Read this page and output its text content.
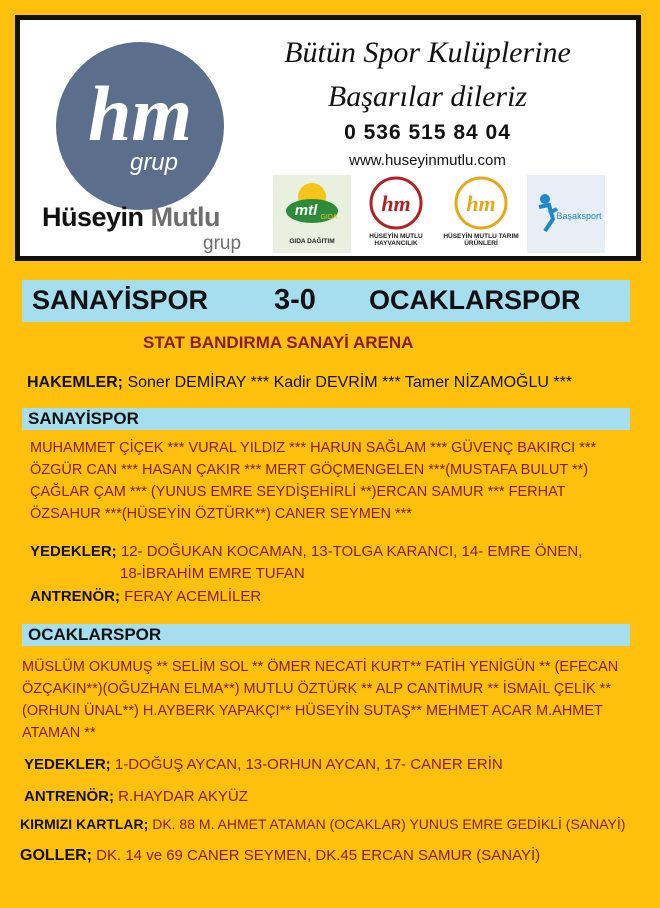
hm
grup
Hüseyin Mutlu
grup
Bütün Spor Kulüplerine
Başarılar dileriz
0 536 515 84 04
www.huseyinmutlu.com
mtl GIDA
GIDA DAĞITIM
hm
HÜSEYİN MUTLU HAYVANCILIK
hm
HÜSEYİN MUTLU TARIM ÜRÜNLERİ
Başaksport
SANAYİSPOR 3-0 OCAKLARSPOR
STAT BANDIRMA SANAYİ ARENA
HAKEMLER; Soner DEMİRAY *** Kadir DEVRİM *** Tamer NİZAMOĞLU ***
SANAYİSPOR
MUHAMMET ÇİÇEK *** VURAL YILDIZ *** HARUN SAĞLAM *** GÜVENÇ BAKIRCI ***
ÖZGÜR CAN *** HASAN ÇAKIR *** MERT GÖÇMENGELEN ***(MUSTAFA BULUT **)
ÇAĞLAR ÇAM *** (YUNUS EMRE SEYDİŞEHİRLİ **)ERCAN SAMUR *** FERHAT
ÖZSAHUR ***(HÜSEYİN ÖZTÜRK**) CANER SEYMEN ***
YEDEKLER; 12- DOĞUKAN KOCAMAN, 13-TOLGA KARANCI, 14- EMRE ÖNEN,
18-İBRAHİM EMRE TUFAN
ANTRENÖR; FERAY ACEMLİLER
OCAKLARSPOR
MÜSLÜM OKUMUŞ ** SELİM SOL ** ÖMER NECATİ KURT** FATİH YENİGÜN ** (EFECAN
ÖZÇAKIN**)(OĞUZHAN ELMA**) MUTLU ÖZTÜRK ** ALP CANTİMUR ** İSMAİL ÇELİK **
(ORHUN ÜNAL**) H.AYBERK YAPAKÇI** HÜSEYİN SUTAŞ** MEHMET ACAR M.AHMET
ATAMAN **
YEDEKLER; 1-DOĞUŞ AYCAN, 13-ORHUN AYCAN, 17- CANER ERİN
ANTRENÖR; R.HAYDAR AKYÜZ
KIRMIZI KARTLAR; DK. 88 M. AHMET ATAMAN (OCAKLAR) YUNUS EMRE GEDİKLİ (SANAYİ)
GOLLER; DK. 14 ve 69 CANER SEYMEN, DK.45 ERCAN SAMUR (SANAYİ)
